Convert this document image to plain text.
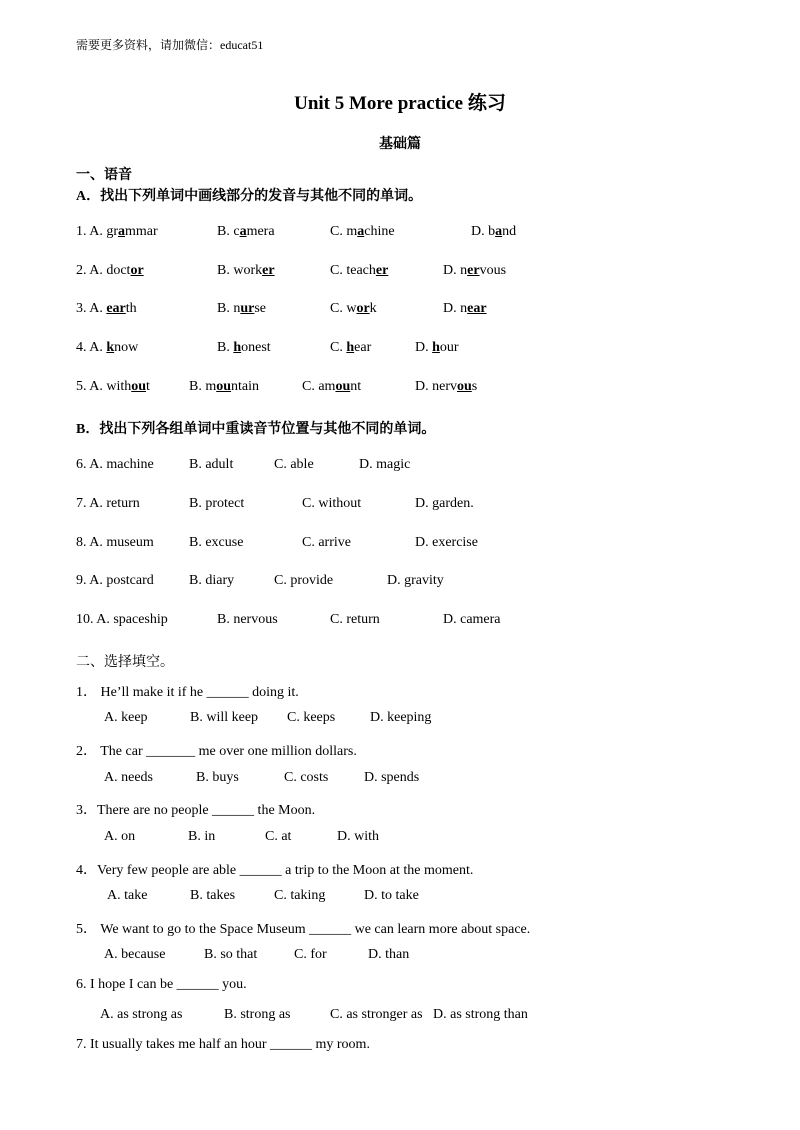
需要更多资料，请加微信：educat51
Unit 5 More practice 练习
基础篇
一、语音
A．找出下列单词中画线部分的发音与其他不同的单词。
1. A. grammar	B. camera	C. machine	D. band
2. A. doctor	B. worker	C. teacher	D. nervous
3. A. earth	B. nurse	C. work	D. near
4. A. know	B. honest	C. hear	D. hour
5. A. without	B. mountain	C. amount	D. nervous
B．找出下列各组单词中重读音节位置与其他不同的单词。
6. A. machine	B. adult	C. able	D. magic
7. A. return	B. protect	C. without	D. garden.
8. A. museum	B. excuse	C. arrive	D. exercise
9. A. postcard	B. diary	C. provide	D. gravity
10. A. spaceship	B. nervous	C. return	D. camera
二、选择填空。
1． He’ll make it if he ______ doing it.
A. keep	B. will keep C. keeps D. keeping
2． The car _______ me over one million dollars.
A. needs	B. buys	C. costs	D. spends
3．There are no people ______ the Moon.
A. on	B. in	C. at	D. with
4．Very few people are able ______ a trip to the Moon at the moment.
A. take	B. takes	C. taking	D. to take
5． We want to go to the Space Museum ______ we can learn more about space.
A. because	B. so that	C. for	D. than
6. I hope I can be ______ you.
A. as strong as	B. strong as	C. as stronger as D. as strong than
7. It usually takes me half an hour ______ my room.
